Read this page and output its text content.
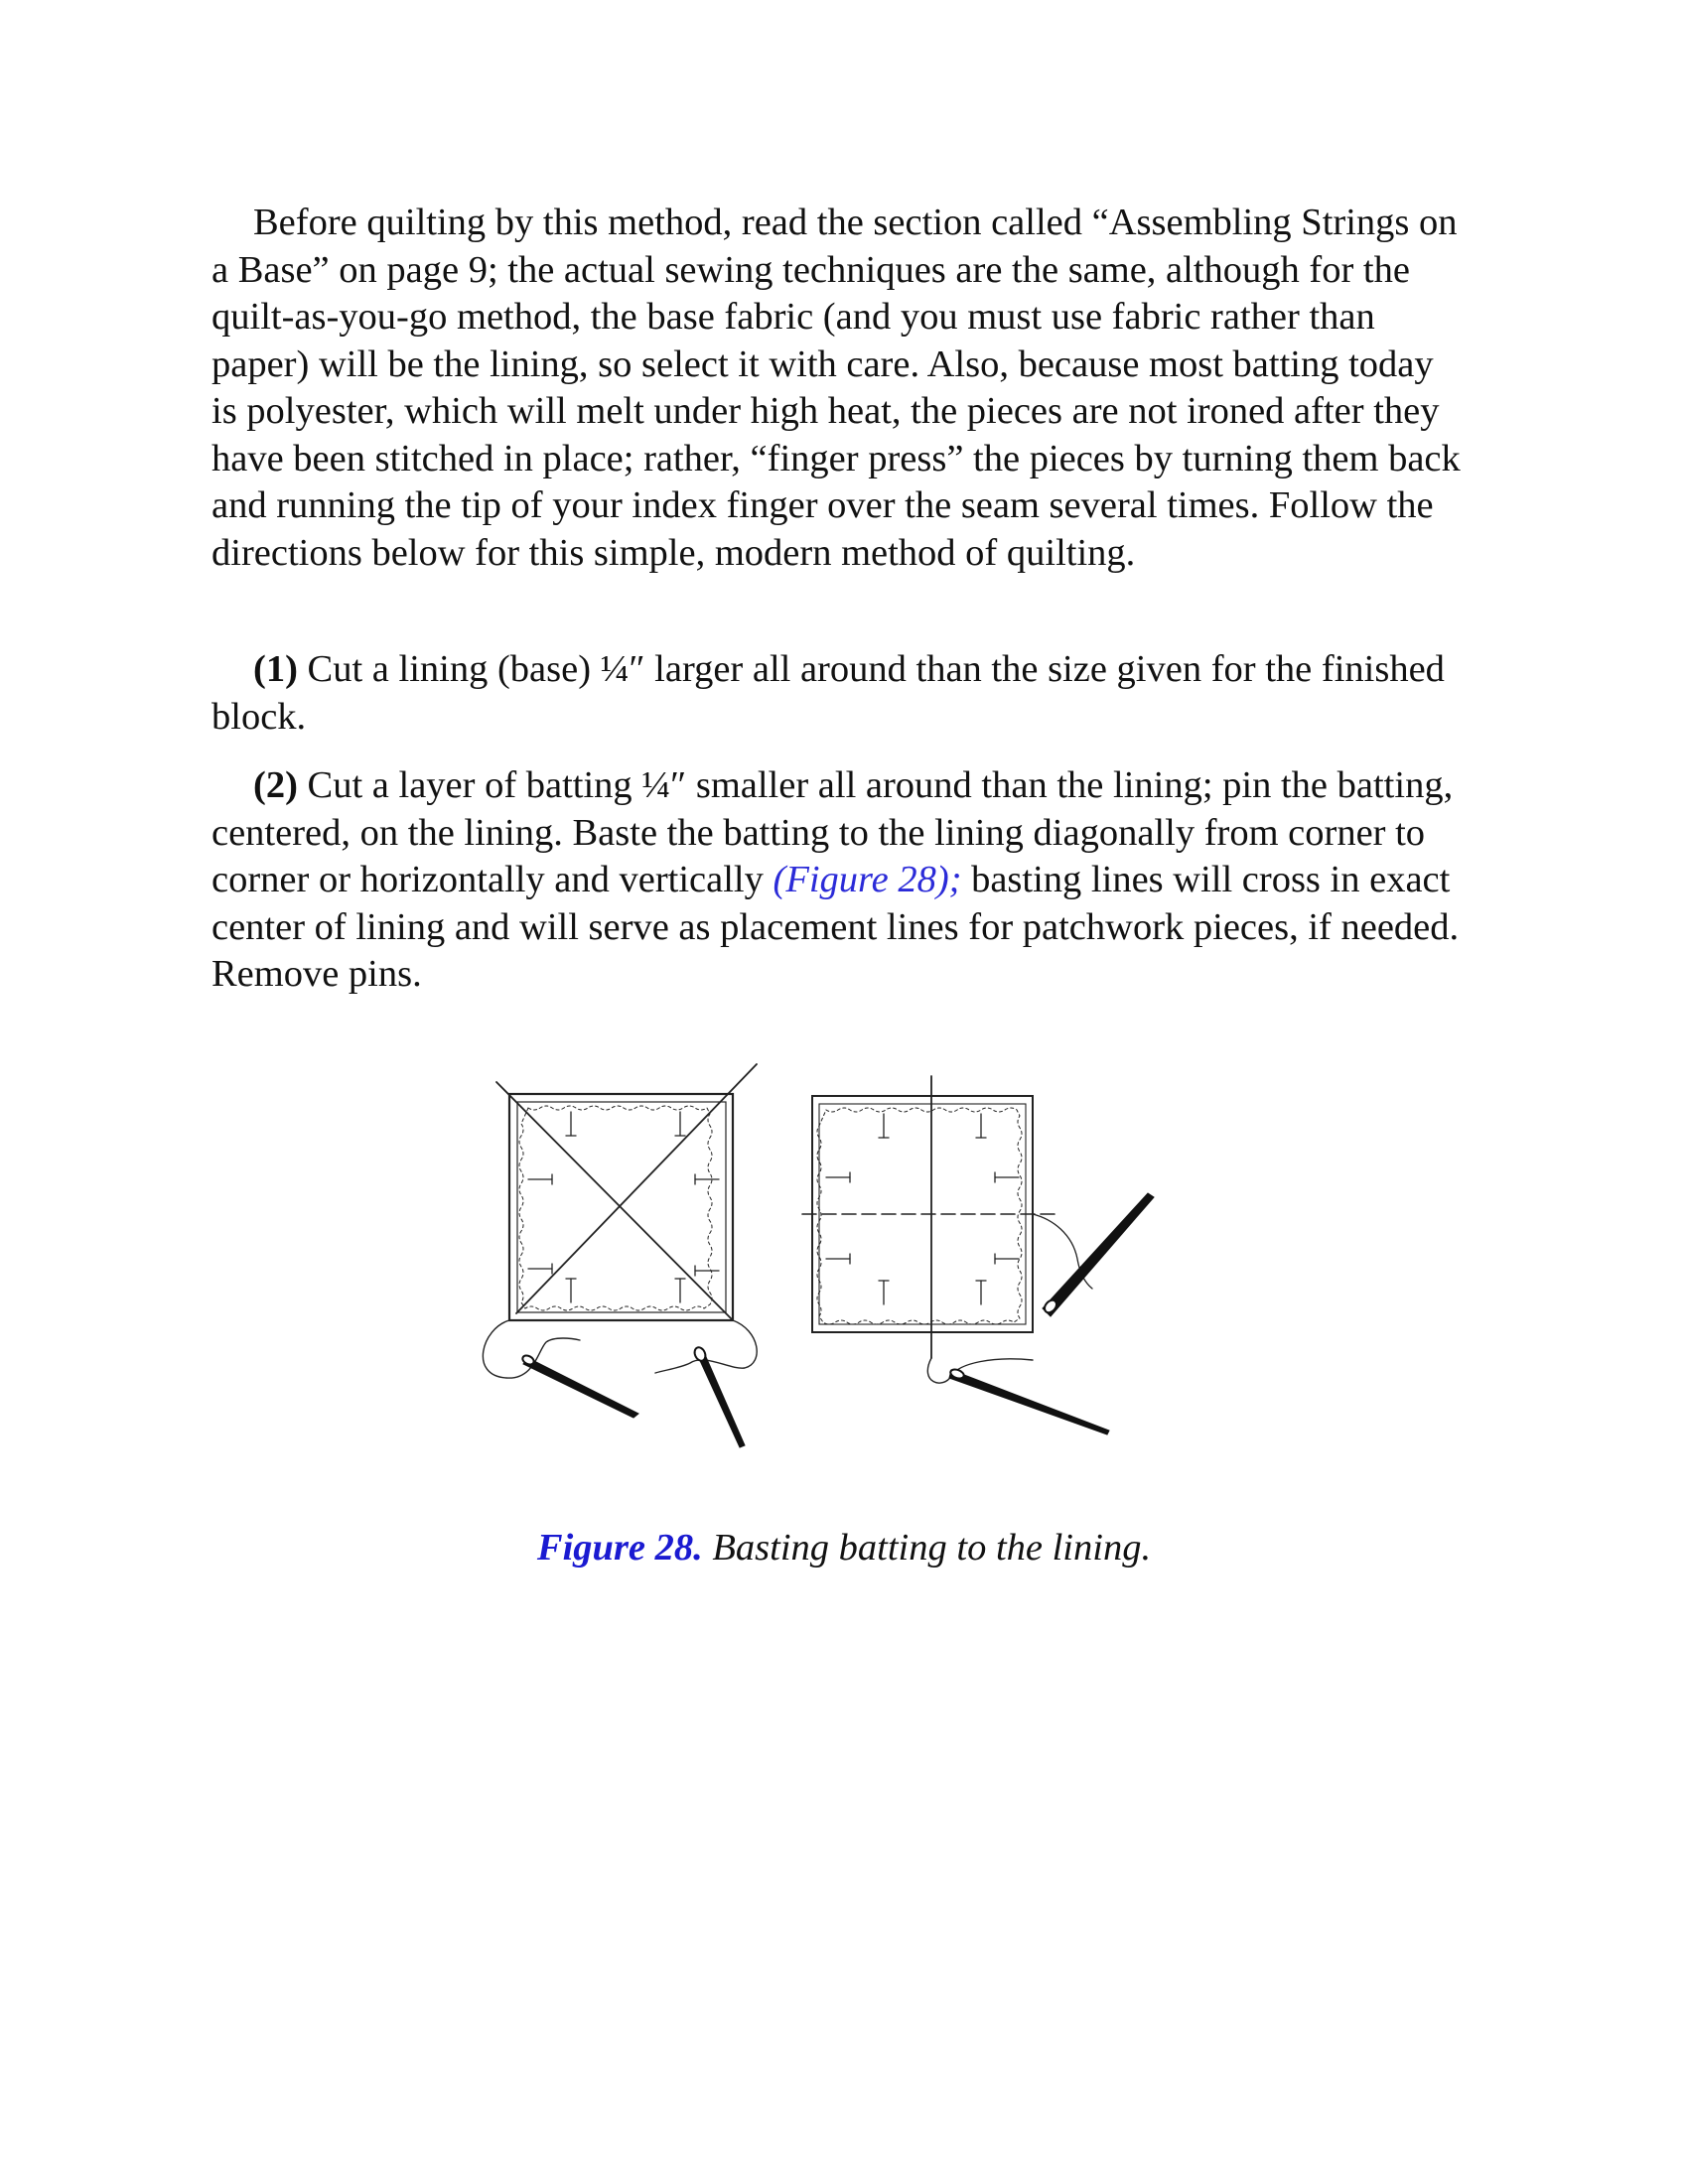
Before quilting by this method, read the section called “Assembling Strings on a Base” on page 9; the actual sewing techniques are the same, although for the quilt-as-you-go method, the base fabric (and you must use fabric rather than paper) will be the lining, so select it with care. Also, because most batting today is polyester, which will melt under high heat, the pieces are not ironed after they have been stitched in place; rather, “finger press” the pieces by turning them back and running the tip of your index finger over the seam several times. Follow the directions below for this simple, modern method of quilting.

(1) Cut a lining (base) ¼″ larger all around than the size given for the finished block.

(2) Cut a layer of batting ¼″ smaller all around than the lining; pin the batting, centered, on the lining. Baste the batting to the lining diagonally from corner to corner or horizontally and vertically (Figure 28); basting lines will cross in exact center of lining and will serve as placement lines for patchwork pieces, if needed. Remove pins.

Figure 28. Basting batting to the lining.
